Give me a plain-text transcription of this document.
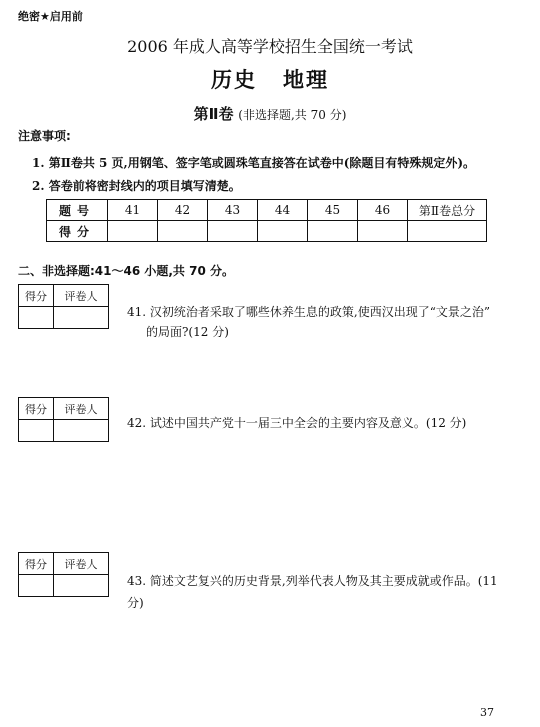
绝密★启用前
2006 年成人高等学校招生全国统一考试
历史 地理
第Ⅱ卷 (非选择题,共 70 分)
注意事项:
1. 第Ⅱ卷共 5 页,用钢笔、签字笔或圆珠笔直接答在试卷中(除题目有特殊规定外)。
2. 答卷前将密封线内的项目填写清楚。
题号	41	42	43	44	45	46	第Ⅱ卷总分
得分							
二、非选择题:41～46 小题,共 70 分。
得分	评卷人

41. 汉初统治者采取了哪些休养生息的政策,使西汉出现了“文景之治”
的局面?(12 分)
得分	评卷人

42. 试述中国共产党十一届三中全会的主要内容及意义。(12 分)
得分	评卷人

43. 简述文艺复兴的历史背景,列举代表人物及其主要成就或作品。(11
分)
37
